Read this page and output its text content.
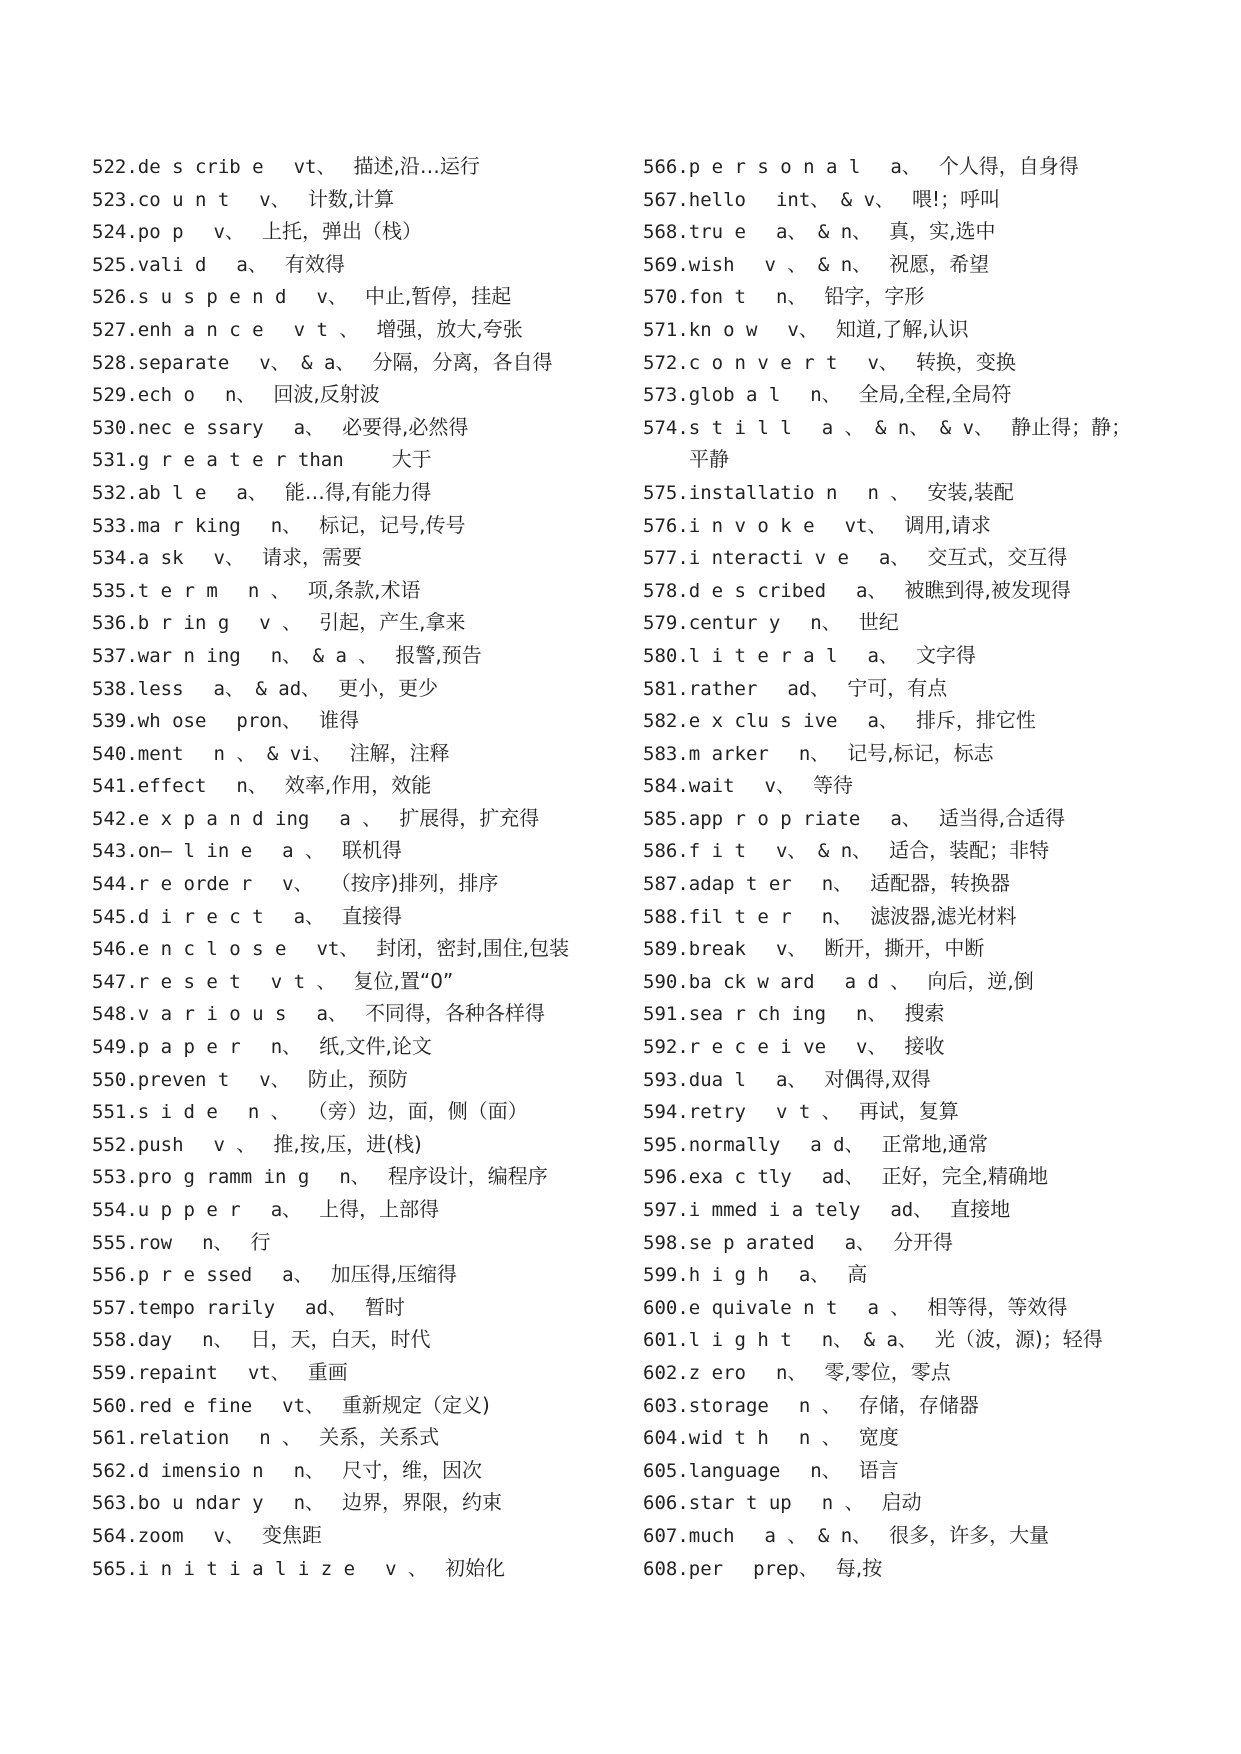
522. de s crib e vt、 描述,沿…运行
523. co u n t v、 计数,计算
524. po p v、 上托，弹出（栈）
525. vali d a、 有效得
526. s u s p e n d v、 中止,暂停，挂起
527. enh a n c e v t 、 增强，放大,夸张
528. separate v、 & a、 分隔，分离，各自得
529. ech o n、 回波,反射波
530. nec e ssary a、 必要得,必然得
531. g r e a t e r than 大于
532. ab l e a、 能…得,有能力得
533. ma r king n、 标记，记号,传号
534. a sk v、 请求，需要
535. t e r m n 、 项,条款,术语
536. b r in g v 、 引起，产生,拿来
537. war n ing n、 & a 、 报警,预告
538. less a、 & ad、 更小，更少
539. wh ose pron、 谁得
540. ment n 、 & vi、 注解，注释
541. effect n、 效率,作用，效能
542. e x p a n d ing a 、 扩展得，扩充得
543. on— l in e a 、 联机得
544. r e orde r v、 （按序)排列，排序
545. d i r e c t a、 直接得
546. e n c l o s e vt、 封闭，密封,围住,包装
547. r e s e t v t 、 复位,置“0”
548. v a r i o u s a、 不同得，各种各样得
549. p a p e r n、 纸,文件,论文
550. preven t v、 防止，预防
551. s i d e n 、 （旁）边，面，侧（面）
552. push v 、 推,按,压，进(栈)
553. pro g ramm in g n、 程序设计，编程序
554. u p p e r a、 上得，上部得
555. row n、 行
556. p r e ssed a、 加压得,压缩得
557. tempo rarily ad、 暂时
558. day n、 日，天，白天，时代
559. repaint vt、 重画
560. red e fine vt、 重新规定（定义)
561. relation n 、 关系，关系式
562. d imensio n n、 尺寸，维，因次
563. bo u ndar y n、 边界，界限，约束
564. zoom v、 变焦距
565. i n i t i a l i z e v 、 初始化
566. p e r s o n a l a、 个人得，自身得
567. hello int、 & v、 喂!；呼叫
568. tru e a、 & n、 真，实,选中
569. wish v 、 & n、 祝愿，希望
570. fon t n、 铅字，字形
571. kn o w v、 知道,了解,认识
572. c o n v e r t v、 转换，变换
573. glob a l n、 全局,全程,全局符
574. s t i l l a 、 & n、 & v、 静止得；静；
平静
575. installatio n n 、 安装,装配
576. i n v o k e vt、 调用,请求
577. i nteracti v e a、 交互式，交互得
578. d e s cribed a、 被瞧到得,被发现得
579. centur y n、 世纪
580. l i t e r a l a、 文字得
581. rather ad、 宁可，有点
582. e x clu s ive a、 排斥，排它性
583. m arker n、 记号,标记，标志
584. wait v、 等待
585. app r o p riate a、 适当得,合适得
586. f i t v、 & n、 适合，装配；非特
587. adap t er n、 适配器，转换器
588. fil t e r n、 滤波器,滤光材料
589. break v、 断开，撕开，中断
590. ba ck w ard a d 、 向后，逆,倒
591. sea r ch ing n、 搜索
592. r e c e i ve v、 接收
593. dua l a、 对偶得,双得
594. retry v t 、 再试，复算
595. normally a d、 正常地,通常
596. exa c tly ad、 正好，完全,精确地
597. i mmed i a tely ad、 直接地
598. se p arated a、 分开得
599. h i g h a、 高
600. e quivale n t a 、 相等得，等效得
601. l i g h t n、 & a、 光（波，源)；轻得
602. z ero n、 零,零位，零点
603. storage n 、 存储，存储器
604. wid t h n 、 宽度
605. language n、 语言
606. star t up n 、 启动
607. much a 、 & n、 很多，许多，大量
608. per prep、 每,按
